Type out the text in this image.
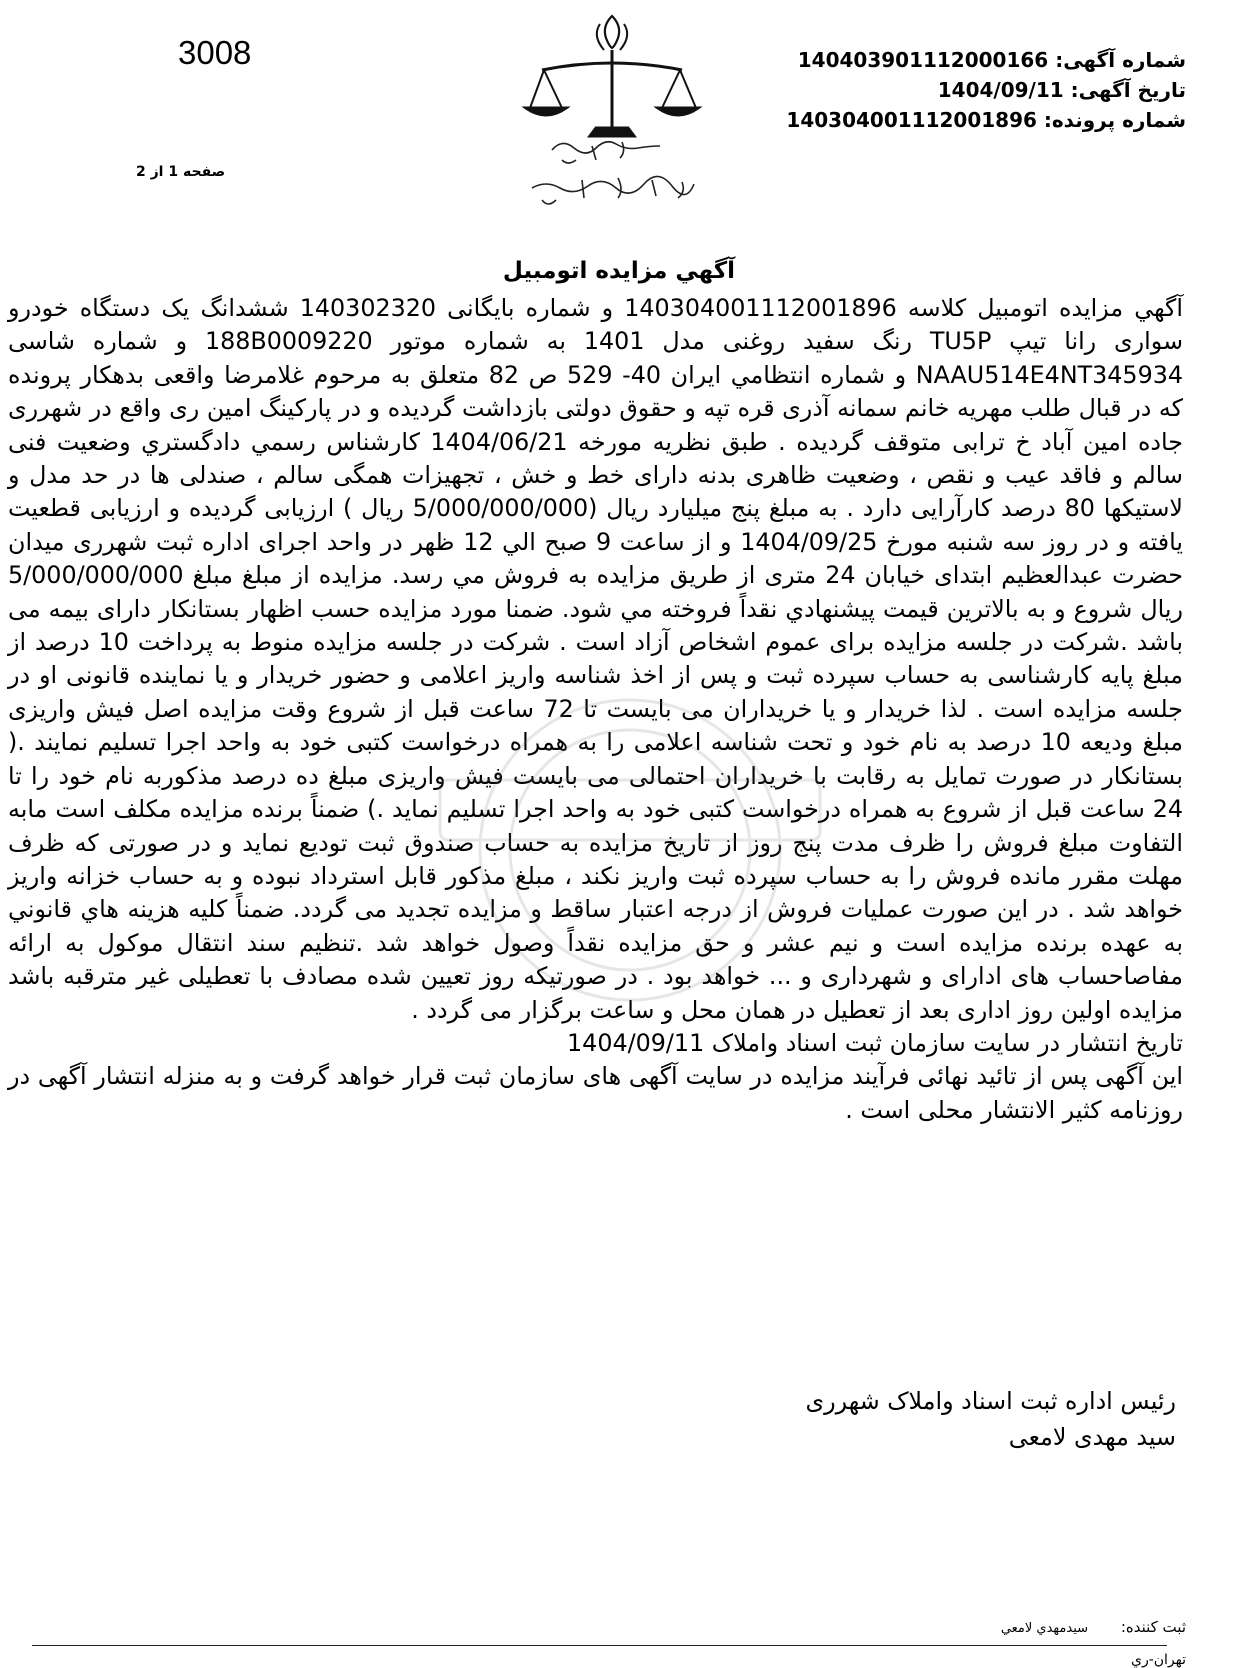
3008
صفحه 1 از 2
شماره آگهی: 140403901112000166
تاریخ آگهی: 1404/09/11
شماره پرونده: 140304001112001896
آگهي مزايده اتومبيل

آگهي مزايده اتومبيل كلاسه 140304001112001896 و شماره بايگانی 140302320 ششدانگ یک دستگاه خودرو سواری رانا تیپ TU5P رنگ سفید روغنی مدل 1401 به شماره موتور 188B0009220 و شماره شاسی NAAU514E4NT345934 و شماره انتظامي ايران 40- 529 ص 82 متعلق به مرحوم غلامرضا واقعی بدهکار پرونده که در قبال طلب مهریه خانم سمانه آذری قره تپه و حقوق دولتی بازداشت گردیده و در پارکینگ امین ری واقع در شهرری جاده امین آباد خ ترابی متوقف گردیده . طبق نظریه مورخه 1404/06/21 کارشناس رسمي دادگستري وضعیت فنی سالم و فاقد عیب و نقص ، وضعیت ظاهری بدنه دارای خط و خش ، تجهیزات همگی سالم ، صندلی ها در حد مدل و لاستیکها 80 درصد کارآرایی دارد . به مبلغ پنج میلیارد ریال (5/000/000/000 ریال ) ارزیابی گردیده و ارزیابی قطعیت یافته و در روز سه شنبه مورخ 1404/09/25 و از ساعت 9 صبح الي 12 ظهر در واحد اجرای اداره ثبت شهرری میدان حضرت عبدالعظیم ابتدای خیابان 24 متری از طريق مزايده به فروش مي رسد. مزايده از مبلغ مبلغ 5/000/000/000 ريال شروع و به بالاترين قيمت پيشنهادي نقداً فروخته مي شود. ضمنا مورد مزایده حسب اظهار بستانکار دارای بیمه می باشد .شرکت در جلسه مزایده برای عموم اشخاص آزاد است . شرکت در جلسه مزایده منوط به پرداخت 10 درصد از مبلغ پایه کارشناسی به حساب سپرده ثبت و پس از اخذ شناسه واریز اعلامی و حضور خریدار و یا نماینده قانونی او در جلسه مزایده است . لذا خریدار و یا خریداران می بایست تا 72 ساعت قبل از شروع وقت مزایده اصل فیش واریزی مبلغ ودیعه 10 درصد به نام خود و تحت شناسه اعلامی را به همراه درخواست کتبی خود به واحد اجرا تسلیم نمایند .( بستانکار در صورت تمایل به رقابت با خریداران احتمالی می بایست فیش واریزی مبلغ ده درصد مذکوربه نام خود را تا 24 ساعت قبل از شروع به همراه درخواست کتبی خود به واحد اجرا تسلیم نماید .) ضمناً برنده مزایده مکلف است مابه التفاوت مبلغ فروش را ظرف مدت پنج روز از تاریخ مزایده به حساب صندوق ثبت تودیع نماید و در صورتی که ظرف مهلت مقرر مانده فروش را به حساب سپرده ثبت واریز نکند ، مبلغ مذکور قابل استرداد نبوده و به حساب خزانه واریز خواهد شد . در این صورت عملیات فروش از درجه اعتبار ساقط و مزایده تجدید می گردد. ضمناً كليه هزينه هاي قانوني به عهده برنده مزايده است و نيم عشر و حق مزايده نقداً وصول خواهد شد .تنظیم سند انتقال موکول به ارائه مفاصاحساب های ادارای و شهرداری و ... خواهد بود . در صورتیکه روز تعیین شده مصادف با تعطیلی غیر مترقبه باشد مزایده اولین روز اداری بعد از تعطیل در همان محل و ساعت برگزار می گردد .

تاریخ انتشار در سایت سازمان ثبت اسناد واملاک 1404/09/11

این آگهی پس از تائید نهائی فرآیند مزایده در سایت آگهی های سازمان ثبت قرار خواهد گرفت و به منزله انتشار آگهی در روزنامه کثیر الانتشار محلی است .

رئیس اداره ثبت اسناد واملاک شهرری
سید مهدی لامعی
ثبت کننده: سيدمهدي لامعي
تهران-ري
